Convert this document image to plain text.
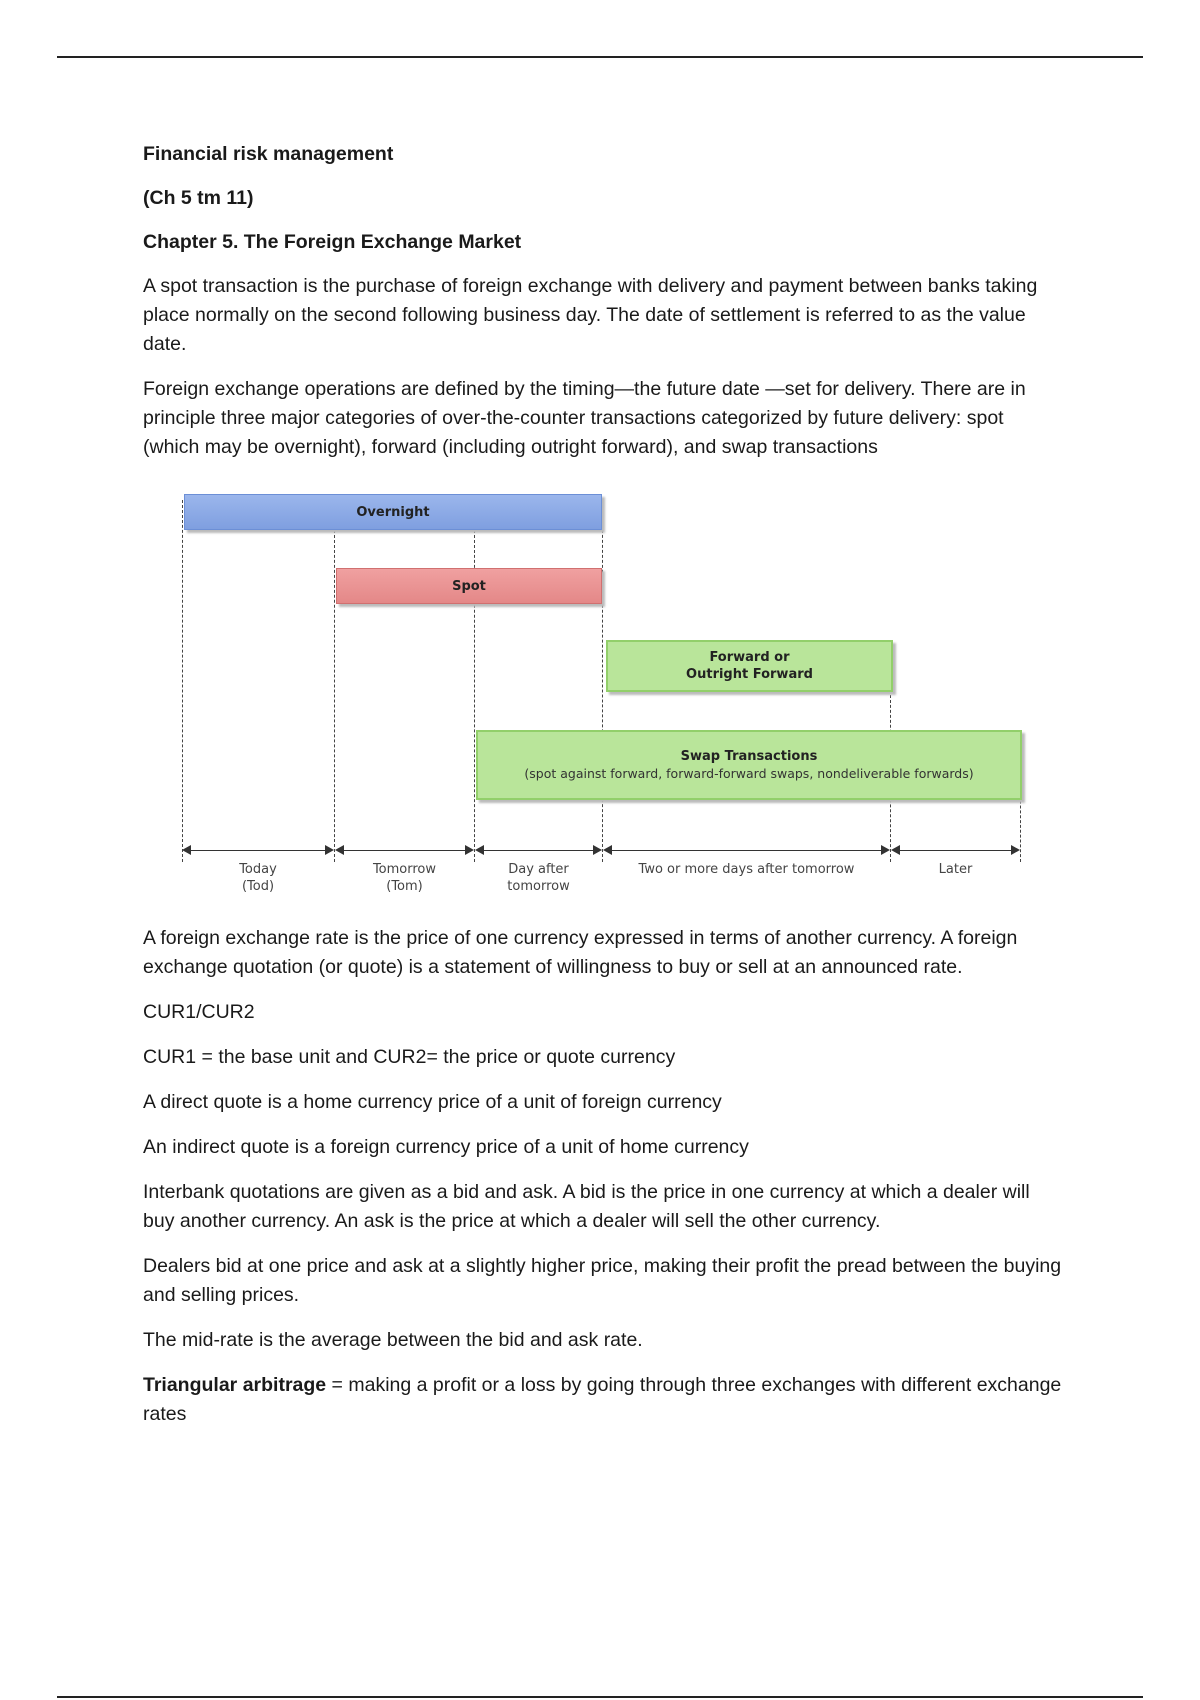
Financial risk management

(Ch 5 tm 11)

Chapter 5. The Foreign Exchange Market

A spot transaction is the purchase of foreign exchange with delivery and payment between banks taking place normally on the second following business day. The date of settlement is referred to as the value date.

Foreign exchange operations are defined by the timing—the future date —set for delivery. There are in principle three major categories of over-the-counter transactions categorized by future delivery: spot (which may be overnight), forward (including outright forward), and swap transactions

Overnight
Spot
Forward or
Outright Forward
Swap Transactions
(spot against forward, forward-forward swaps, nondeliverable forwards)
Today
(Tod)
Tomorrow
(Tom)
Day after
tomorrow
Two or more days after tomorrow	Later

A foreign exchange rate is the price of one currency expressed in terms of another currency. A foreign exchange quotation (or quote) is a statement of willingness to buy or sell at an announced rate.

CUR1/CUR2

CUR1 = the base unit and CUR2= the price or quote currency

A direct quote is a home currency price of a unit of foreign currency

An indirect quote is a foreign currency price of a unit of home currency

Interbank quotations are given as a bid and ask. A bid is the price in one currency at which a dealer will buy another currency. An ask is the price at which a dealer will sell the other currency.

Dealers bid at one price and ask at a slightly higher price, making their profit the pread between the buying and selling prices.

The mid-rate is the average between the bid and ask rate.

Triangular arbitrage = making a profit or a loss by going through three exchanges with different exchange rates
